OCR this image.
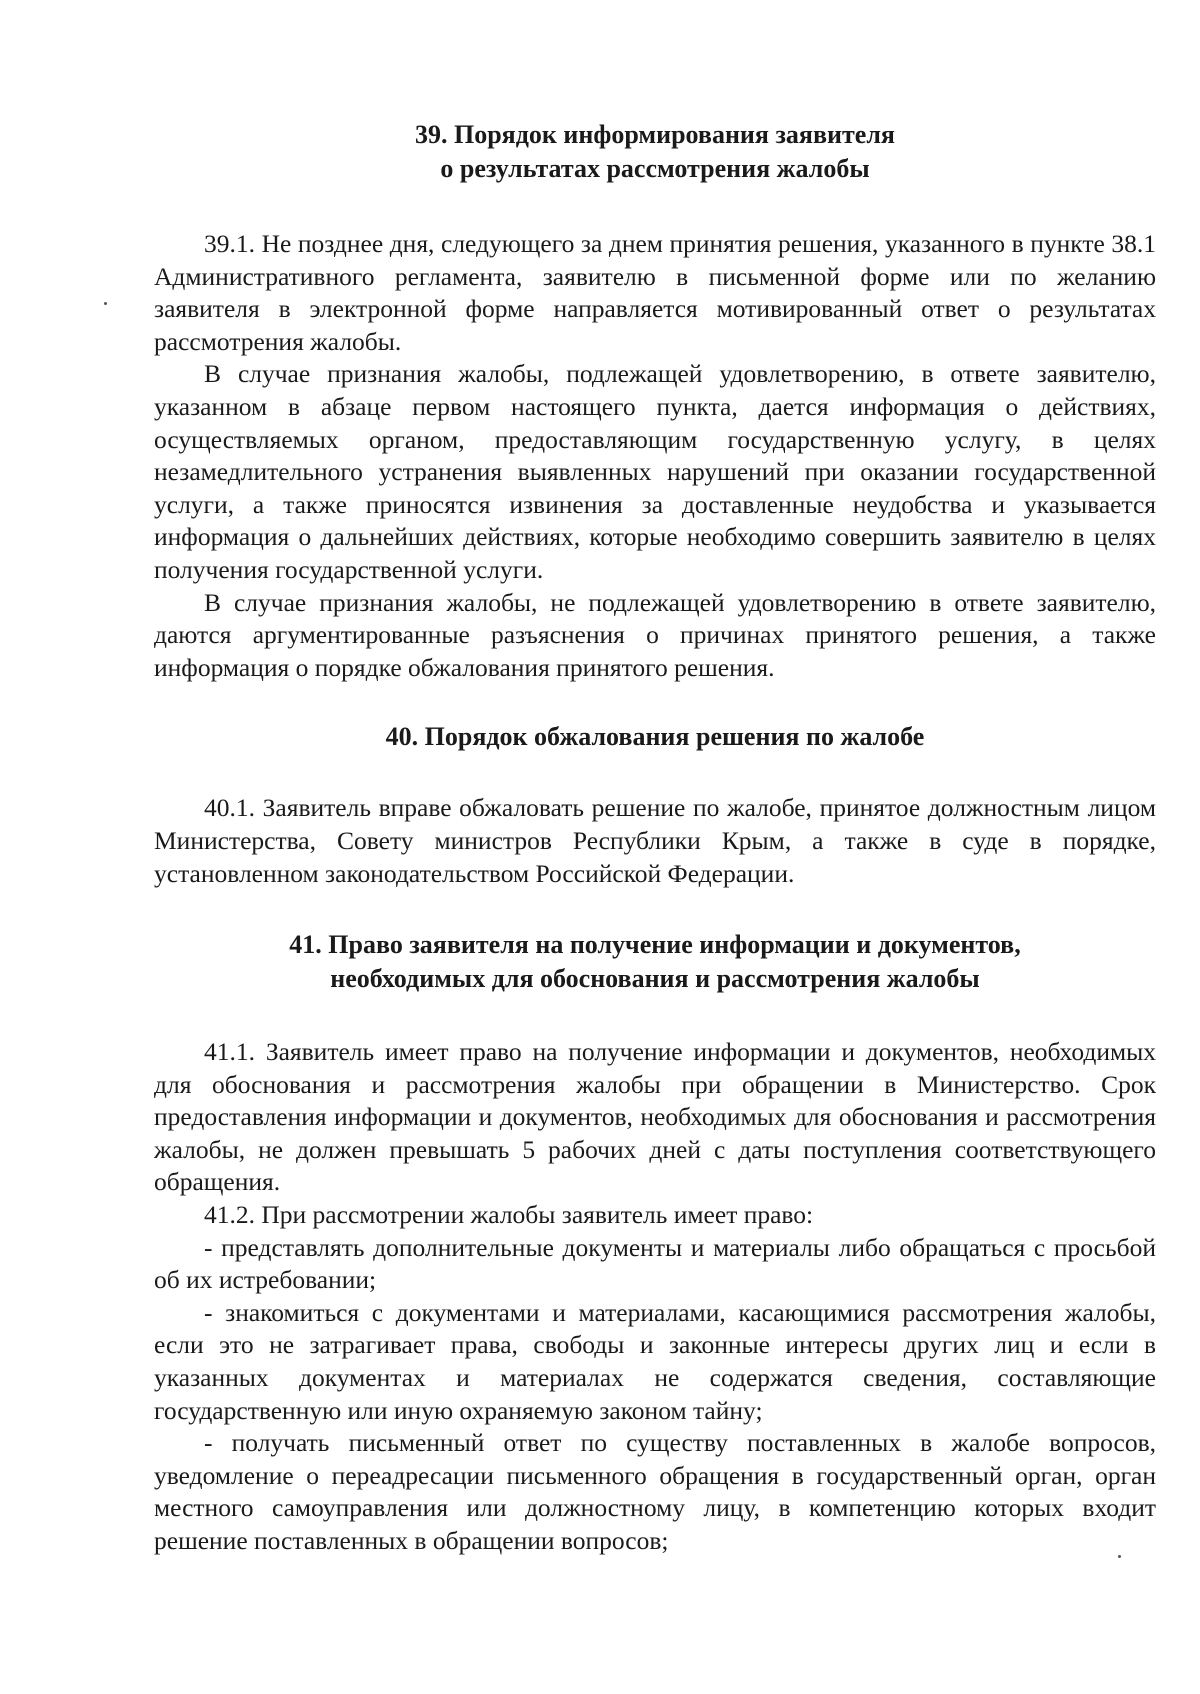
39. Порядок информирования заявителя
о результатах рассмотрения жалобы

39.1. Не позднее дня, следующего за днем принятия решения, указанного в пункте 38.1 Административного регламента, заявителю в письменной форме или по желанию заявителя в электронной форме направляется мотивированный ответ о результатах рассмотрения жалобы.

В случае признания жалобы, подлежащей удовлетворению, в ответе заявителю, указанном в абзаце первом настоящего пункта, дается информация о действиях, осуществляемых органом, предоставляющим государственную услугу, в целях незамедлительного устранения выявленных нарушений при оказании государственной услуги, а также приносятся извинения за доставленные неудобства и указывается информация о дальнейших действиях, которые необходимо совершить заявителю в целях получения государственной услуги.

В случае признания жалобы, не подлежащей удовлетворению в ответе заявителю, даются аргументированные разъяснения о причинах принятого решения, а также информация о порядке обжалования принятого решения.

40. Порядок обжалования решения по жалобе

40.1. Заявитель вправе обжаловать решение по жалобе, принятое должностным лицом Министерства, Совету министров Республики Крым, а также в суде в порядке, установленном законодательством Российской Федерации.

41. Право заявителя на получение информации и документов,
необходимых для обоснования и рассмотрения жалобы

41.1. Заявитель имеет право на получение информации и документов, необходимых для обоснования и рассмотрения жалобы при обращении в Министерство. Срок предоставления информации и документов, необходимых для обоснования и рассмотрения жалобы, не должен превышать 5 рабочих дней с даты поступления соответствующего обращения.

41.2. При рассмотрении жалобы заявитель имеет право:

- представлять дополнительные документы и материалы либо обращаться с просьбой об их истребовании;

- знакомиться с документами и материалами, касающимися рассмотрения жалобы, если это не затрагивает права, свободы и законные интересы других лиц и если в указанных документах и материалах не содержатся сведения, составляющие государственную или иную охраняемую законом тайну;

- получать письменный ответ по существу поставленных в жалобе вопросов, уведомление о переадресации письменного обращения в государственный орган, орган местного самоуправления или должностному лицу, в компетенцию которых входит решение поставленных в обращении вопросов;
